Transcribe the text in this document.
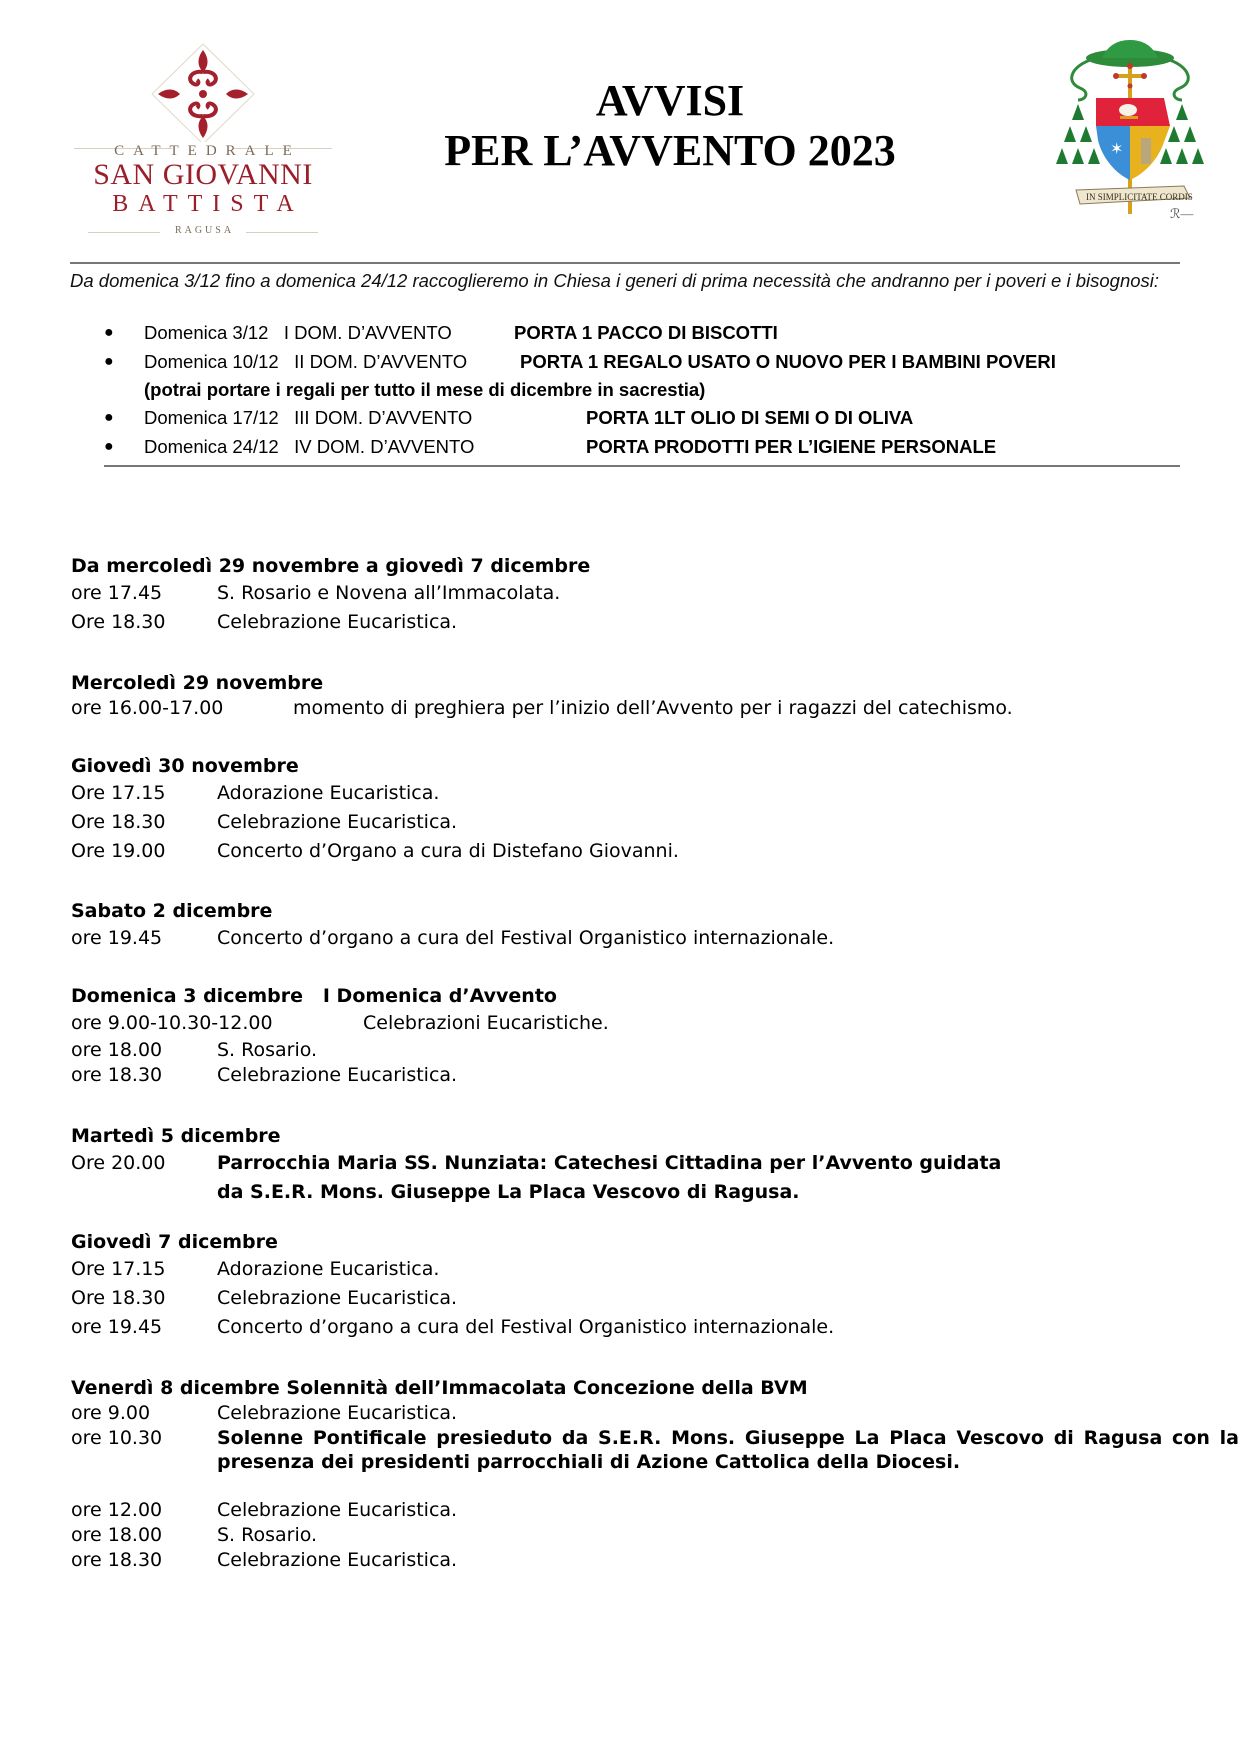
CATTEDRALE
SAN GIOVANNI
BATTISTA
RAGUSA
AVVISI
PER L’AVVENTO 2023	✶
IN SIMPLICITATE CORDIS
ℛ—
Da domenica 3/12 fino a domenica 24/12 raccoglieremo in Chiesa i generi di prima necessità che andranno per i poveri e i bisognosi:
● Domenica 3/12 I DOM. D’AVVENTO	PORTA 1 PACCO DI BISCOTTI
● Domenica 10/12 II DOM. D’AVVENTO	PORTA 1 REGALO USATO O NUOVO PER I BAMBINI POVERI
(potrai portare i regali per tutto il mese di dicembre in sacrestia)
● Domenica 17/12 III DOM. D’AVVENTO	PORTA 1LT OLIO DI SEMI O DI OLIVA
● Domenica 24/12 IV DOM. D’AVVENTO	PORTA PRODOTTI PER L’IGIENE PERSONALE
Da mercoledì 29 novembre a giovedì 7 dicembre
ore 17.45	S. Rosario e Novena all’Immacolata.
Ore 18.30	Celebrazione Eucaristica.
Mercoledì 29 novembre
ore 16.00-17.00	momento di preghiera per l’inizio dell’Avvento per i ragazzi del catechismo.
Giovedì 30 novembre
Ore 17.15	Adorazione Eucaristica.
Ore 18.30	Celebrazione Eucaristica.
Ore 19.00	Concerto d’Organo a cura di Distefano Giovanni.
Sabato 2 dicembre
ore 19.45	Concerto d’organo a cura del Festival Organistico internazionale.
Domenica 3 dicembre I Domenica d’Avvento
ore 9.00-10.30-12.00	Celebrazioni Eucaristiche.
ore 18.00	S. Rosario.
ore 18.30	Celebrazione Eucaristica.
Martedì 5 dicembre
Ore 20.00	Parrocchia Maria SS. Nunziata: Catechesi Cittadina per l’Avvento guidata
da S.E.R. Mons. Giuseppe La Placa Vescovo di Ragusa.
Giovedì 7 dicembre
Ore 17.15	Adorazione Eucaristica.
Ore 18.30	Celebrazione Eucaristica.
ore 19.45	Concerto d’organo a cura del Festival Organistico internazionale.
Venerdì 8 dicembre Solennità dell’Immacolata Concezione della BVM
ore 9.00	Celebrazione Eucaristica.
ore 10.30	Solenne Pontificale presieduto da S.E.R. Mons. Giuseppe La Placa Vescovo di Ragusa con la presenza dei presidenti parrocchiali di Azione Cattolica della Diocesi.
ore 12.00	Celebrazione Eucaristica.
ore 18.00	S. Rosario.
ore 18.30	Celebrazione Eucaristica.
